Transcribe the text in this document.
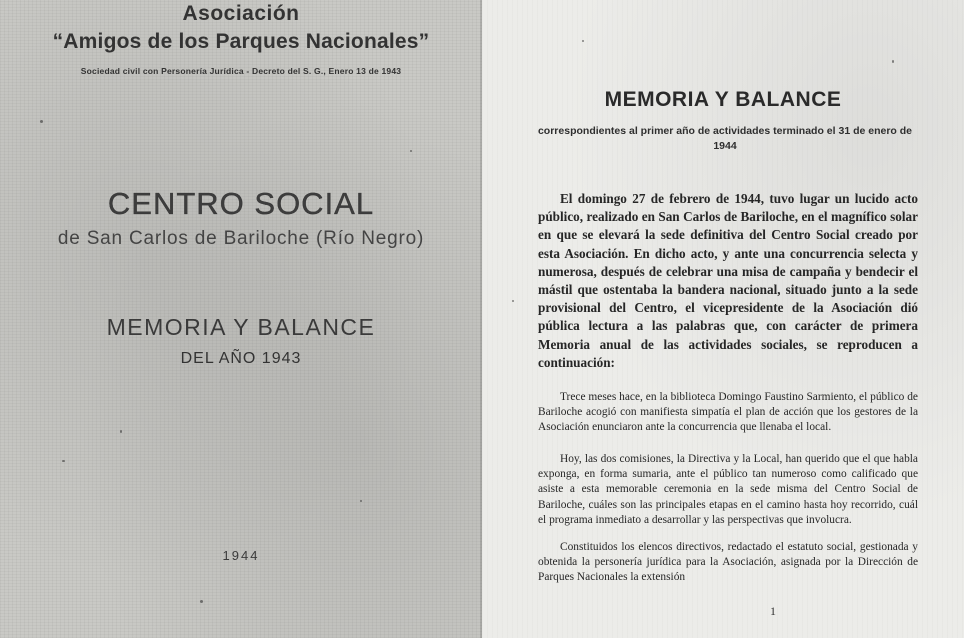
Asociación
“Amigos de los Parques Nacionales”
Sociedad civil con Personería Jurídica - Decreto del S. G., Enero 13 de 1943
CENTRO SOCIAL
de San Carlos de Bariloche (Río Negro)
MEMORIA Y BALANCE
DEL AÑO 1943
1944
MEMORIA Y BALANCE
correspondientes al primer año de actividades terminado el 31 de enero de 1944
El domingo 27 de febrero de 1944, tuvo lugar un lucido acto público, realizado en San Carlos de Bariloche, en el magnífico solar en que se elevará la sede definitiva del Centro Social creado por esta Asociación. En dicho acto, y ante una concurrencia selecta y numerosa, después de celebrar una misa de campaña y bendecir el mástil que ostentaba la bandera nacional, situado junto a la sede provisional del Centro, el vicepresidente de la Asociación dió pública lectura a las palabras que, con carácter de primera Memoria anual de las actividades sociales, se reproducen a continuación:
Trece meses hace, en la biblioteca Domingo Faustino Sarmiento, el público de Bariloche acogió con manifiesta simpatía el plan de acción que los gestores de la Asociación enunciaron ante la concurrencia que llenaba el local.
Hoy, las dos comisiones, la Directiva y la Local, han querido que el que habla exponga, en forma sumaria, ante el público tan numeroso como calificado que asiste a esta memorable ceremonia en la sede misma del Centro Social de Bariloche, cuáles son las principales etapas en el camino hasta hoy recorrido, cuál el programa inmediato a desarrollar y las perspectivas que involucra.
Constituidos los elencos directivos, redactado el estatuto social, gestionada y obtenida la personería jurídica para la Asociación, asignada por la Dirección de Parques Nacionales la extensión
1
